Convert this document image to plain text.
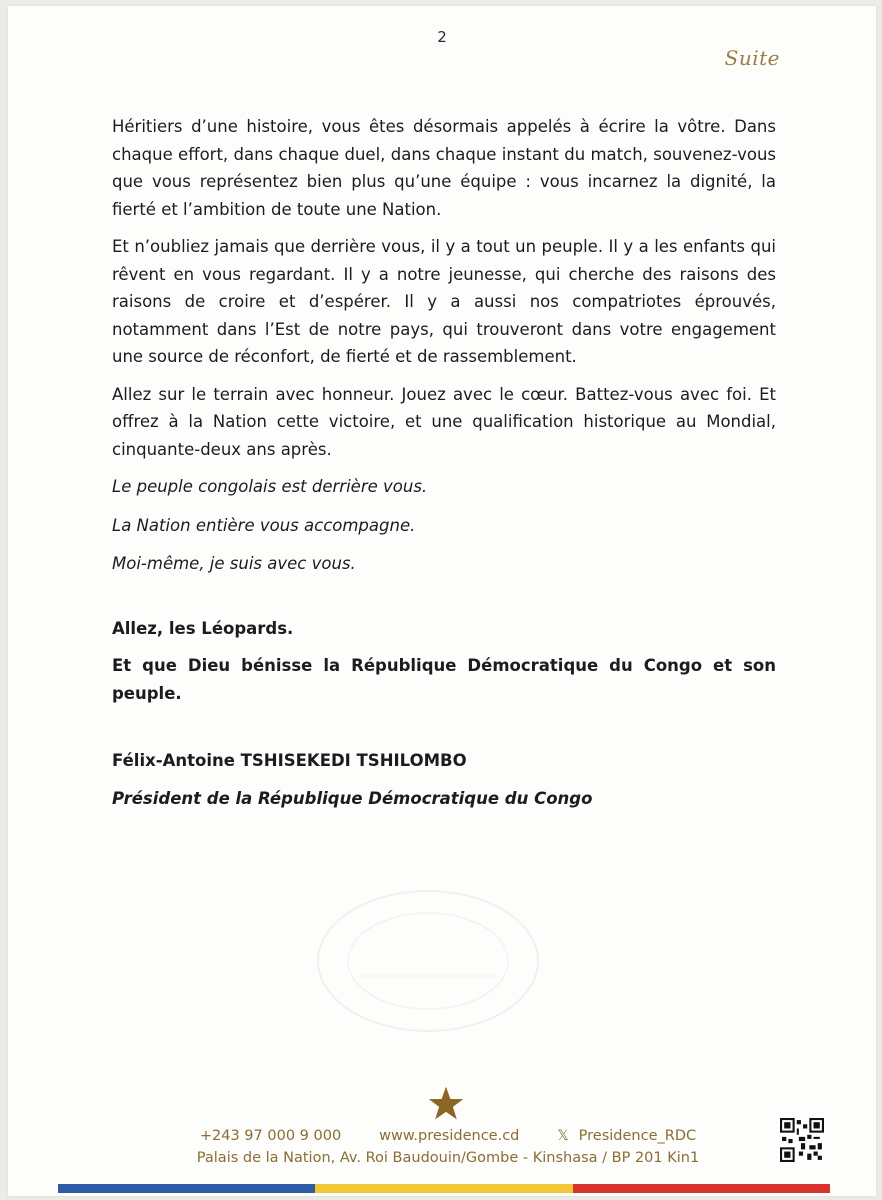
2
Suite

Héritiers d’une histoire, vous êtes désormais appelés à écrire la vôtre. Dans chaque effort, dans chaque duel, dans chaque instant du match, souvenez-vous que vous représentez bien plus qu’une équipe : vous incarnez la dignité, la fierté et l’ambition de toute une Nation.

Et n’oubliez jamais que derrière vous, il y a tout un peuple. Il y a les enfants qui rêvent en vous regardant. Il y a notre jeunesse, qui cherche des raisons des raisons de croire et d’espérer. Il y a aussi nos compatriotes éprouvés, notamment dans l’Est de notre pays, qui trouveront dans votre engagement une source de réconfort, de fierté et de rassemblement.

Allez sur le terrain avec honneur. Jouez avec le cœur. Battez-vous avec foi. Et offrez à la Nation cette victoire, et une qualification historique au Mondial, cinquante-deux ans après.

Le peuple congolais est derrière vous.

La Nation entière vous accompagne.

Moi-même, je suis avec vous.

Allez, les Léopards.

Et que Dieu bénisse la République Démocratique du Congo et son peuple.

Félix-Antoine TSHISEKEDI TSHILOMBO

Président de la République Démocratique du Congo

+243 97 000 9 000	www.presidence.cd	𝕏 Presidence_RDC
Palais de la Nation, Av. Roi Baudouin/Gombe - Kinshasa / BP 201 Kin1
